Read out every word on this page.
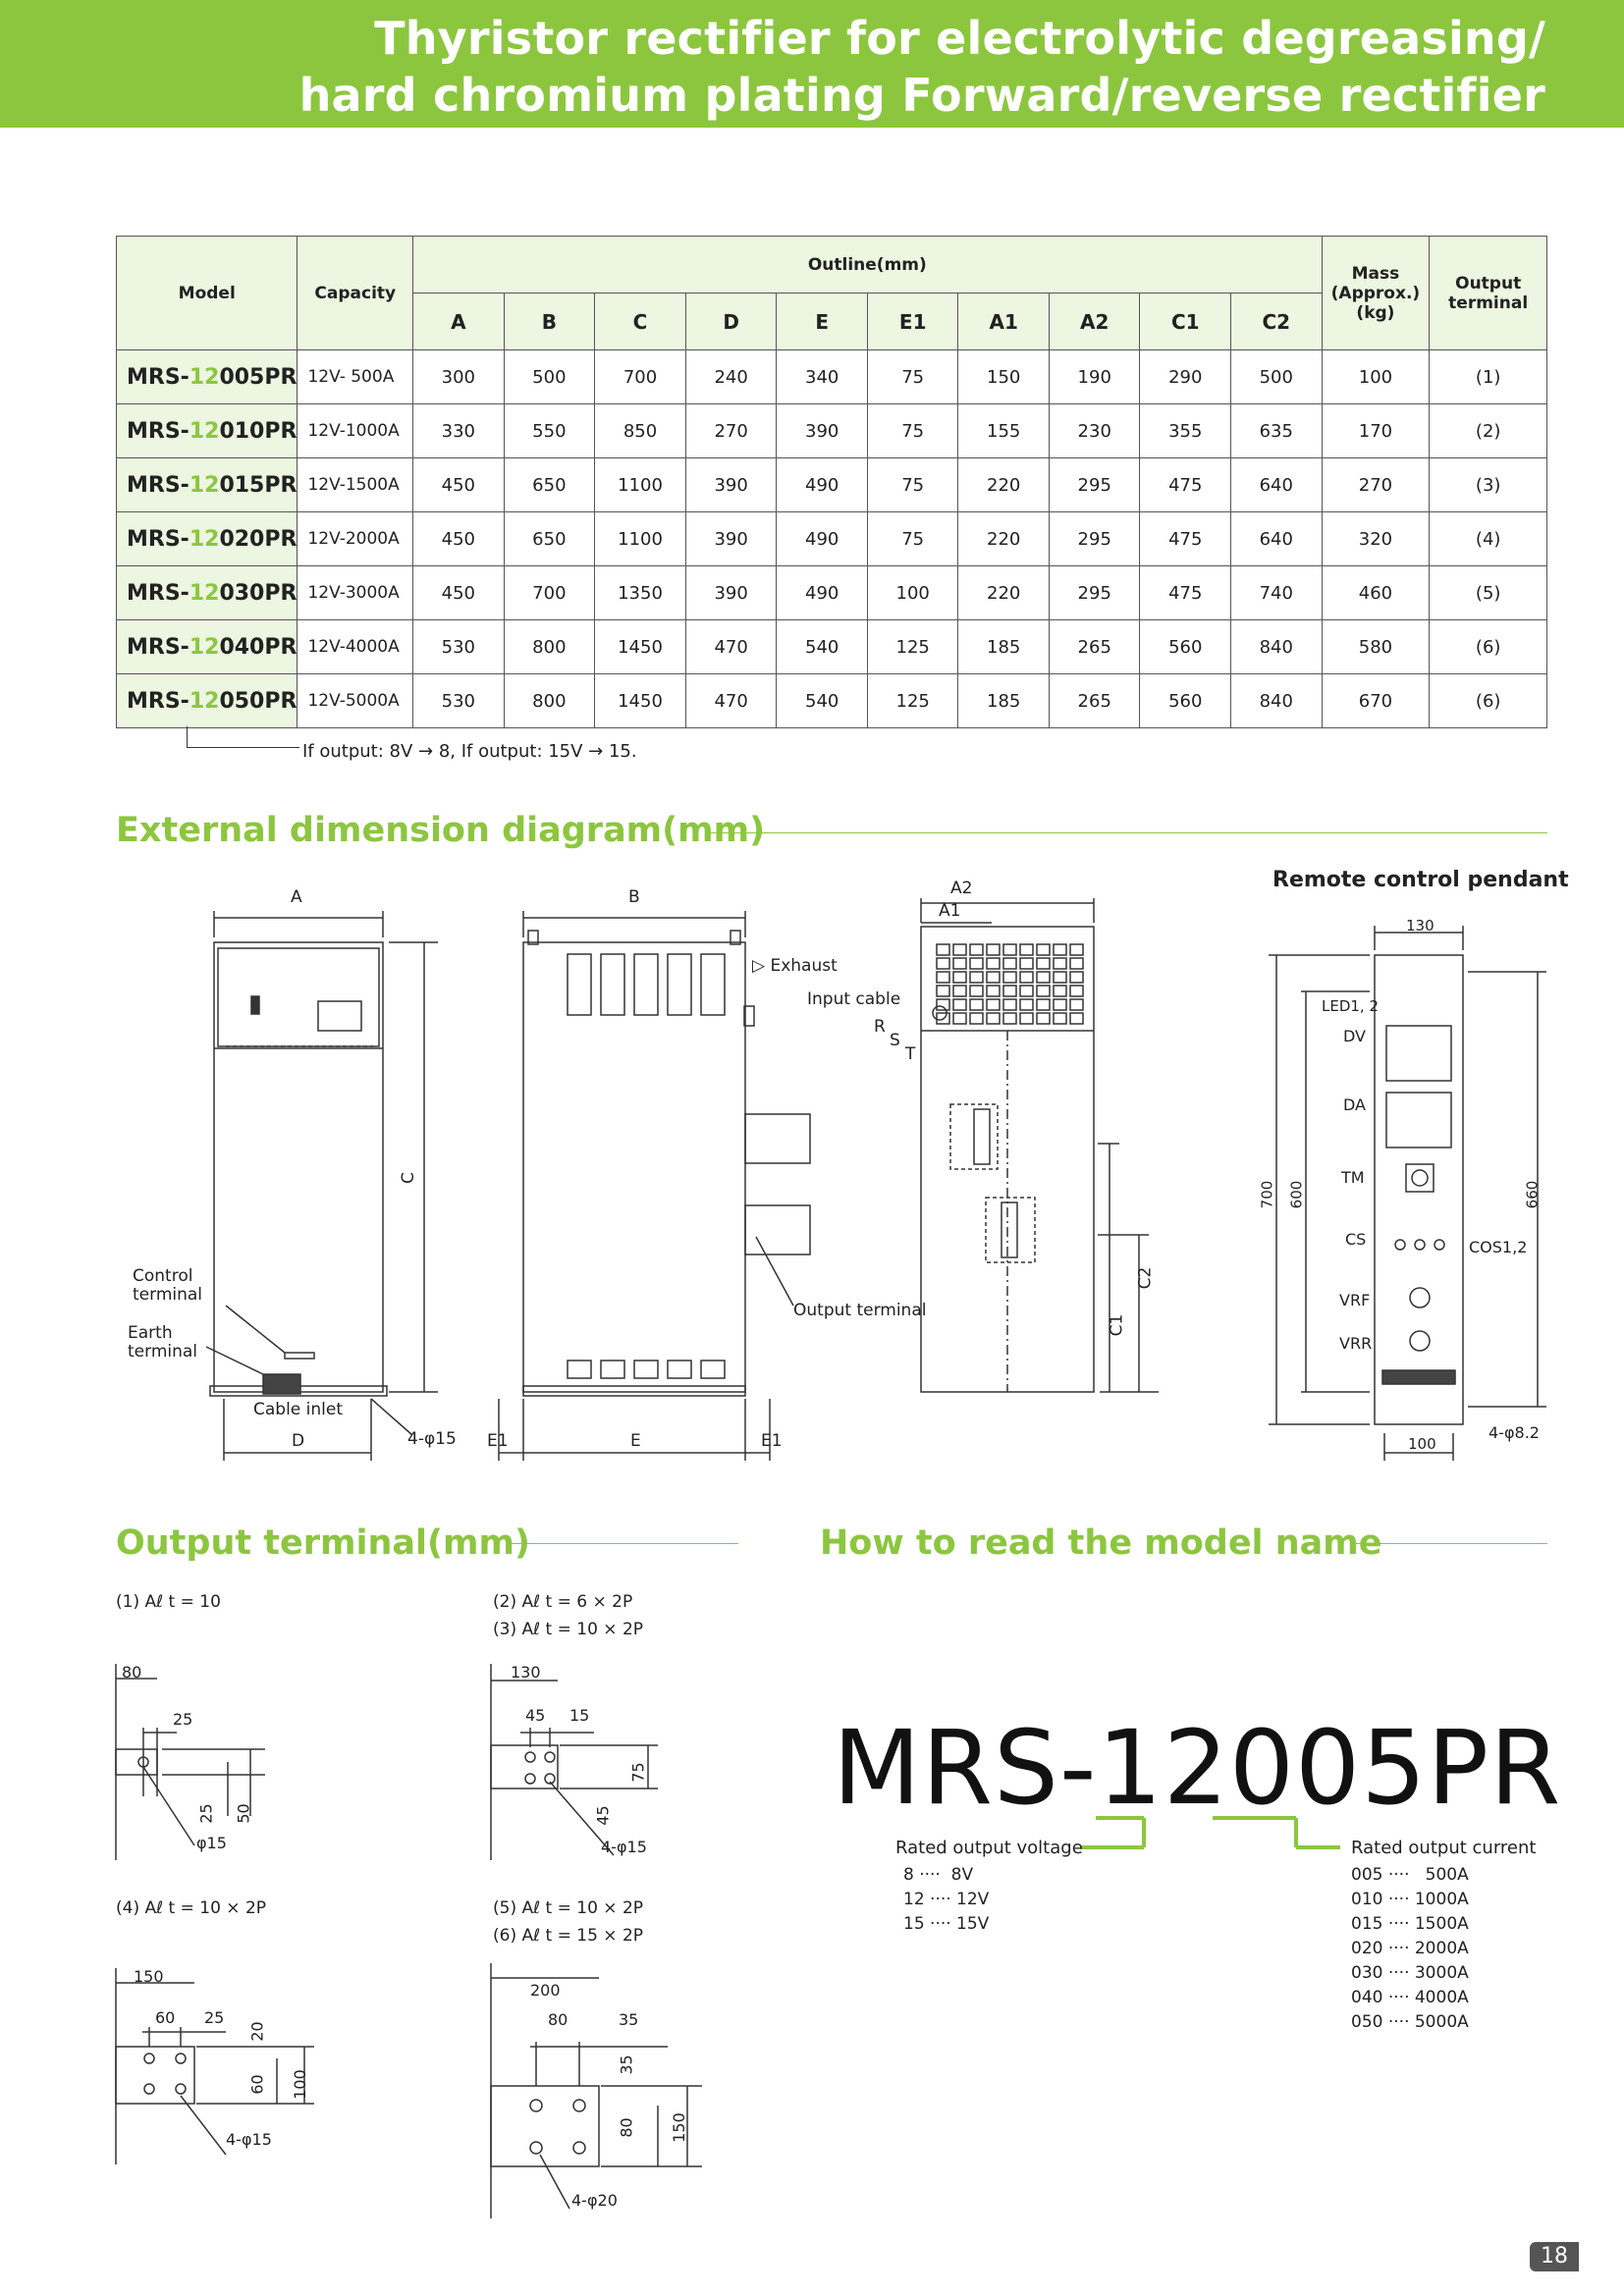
Thyristor rectifier for electrolytic degreasing/
hard chromium plating Forward/reverse rectifier
Model	Capacity	Outline(mm)										Mass (Approx.) (kg)	Output terminal
		A	B	C	D	E	E1	A1	A2	C1	C2		
MRS-12005PR	12V- 500A	300	500	700	240	340	75	150	190	290	500	100	(1)
MRS-12010PR	12V-1000A	330	550	850	270	390	75	155	230	355	635	170	(2)
MRS-12015PR	12V-1500A	450	650	1100	390	490	75	220	295	475	640	270	(3)
MRS-12020PR	12V-2000A	450	650	1100	390	490	75	220	295	475	640	320	(4)
MRS-12030PR	12V-3000A	450	700	1350	390	490	100	220	295	475	740	460	(5)
MRS-12040PR	12V-4000A	530	800	1450	470	540	125	185	265	560	840	580	(6)
MRS-12050PR	12V-5000A	530	800	1450	470	540	125	185	265	560	840	670	(6)
If output: 8V → 8, If output: 15V → 15.
External dimension diagram(mm)
Output terminal(mm)	How to read the model name
A
C
D
Control
terminal
Earth
terminal
Cable inlet
4-φ15
B
E1	E	E1
▷ Exhaust
Input cable
R
S
T
Output terminal
A2
A1
C1
C2
Remote control pendant
130
100
700 600	660
4-φ8.2
LED1, 2
DV
DA
TM
CS
VRF
VRR
COS1,2
(1) Aℓ t = 10
80
25
25 50
φ15
(2) Aℓ t = 6 × 2P
(3) Aℓ t = 10 × 2P
130
45 15
75
45
4-φ15
(4) Aℓ t = 10 × 2P
150
60 25
20
60 100
4-φ15
(5) Aℓ t = 10 × 2P
(6) Aℓ t = 15 × 2P
200
80	35
35
80 150
4-φ20
MRS-12005PR
Rated output voltage
8 ····  8V
12 ···· 12V
15 ···· 15V
Rated output current
005 ····   500A
010 ···· 1000A
015 ···· 1500A
020 ···· 2000A
030 ···· 3000A
040 ···· 4000A
050 ···· 5000A
18
